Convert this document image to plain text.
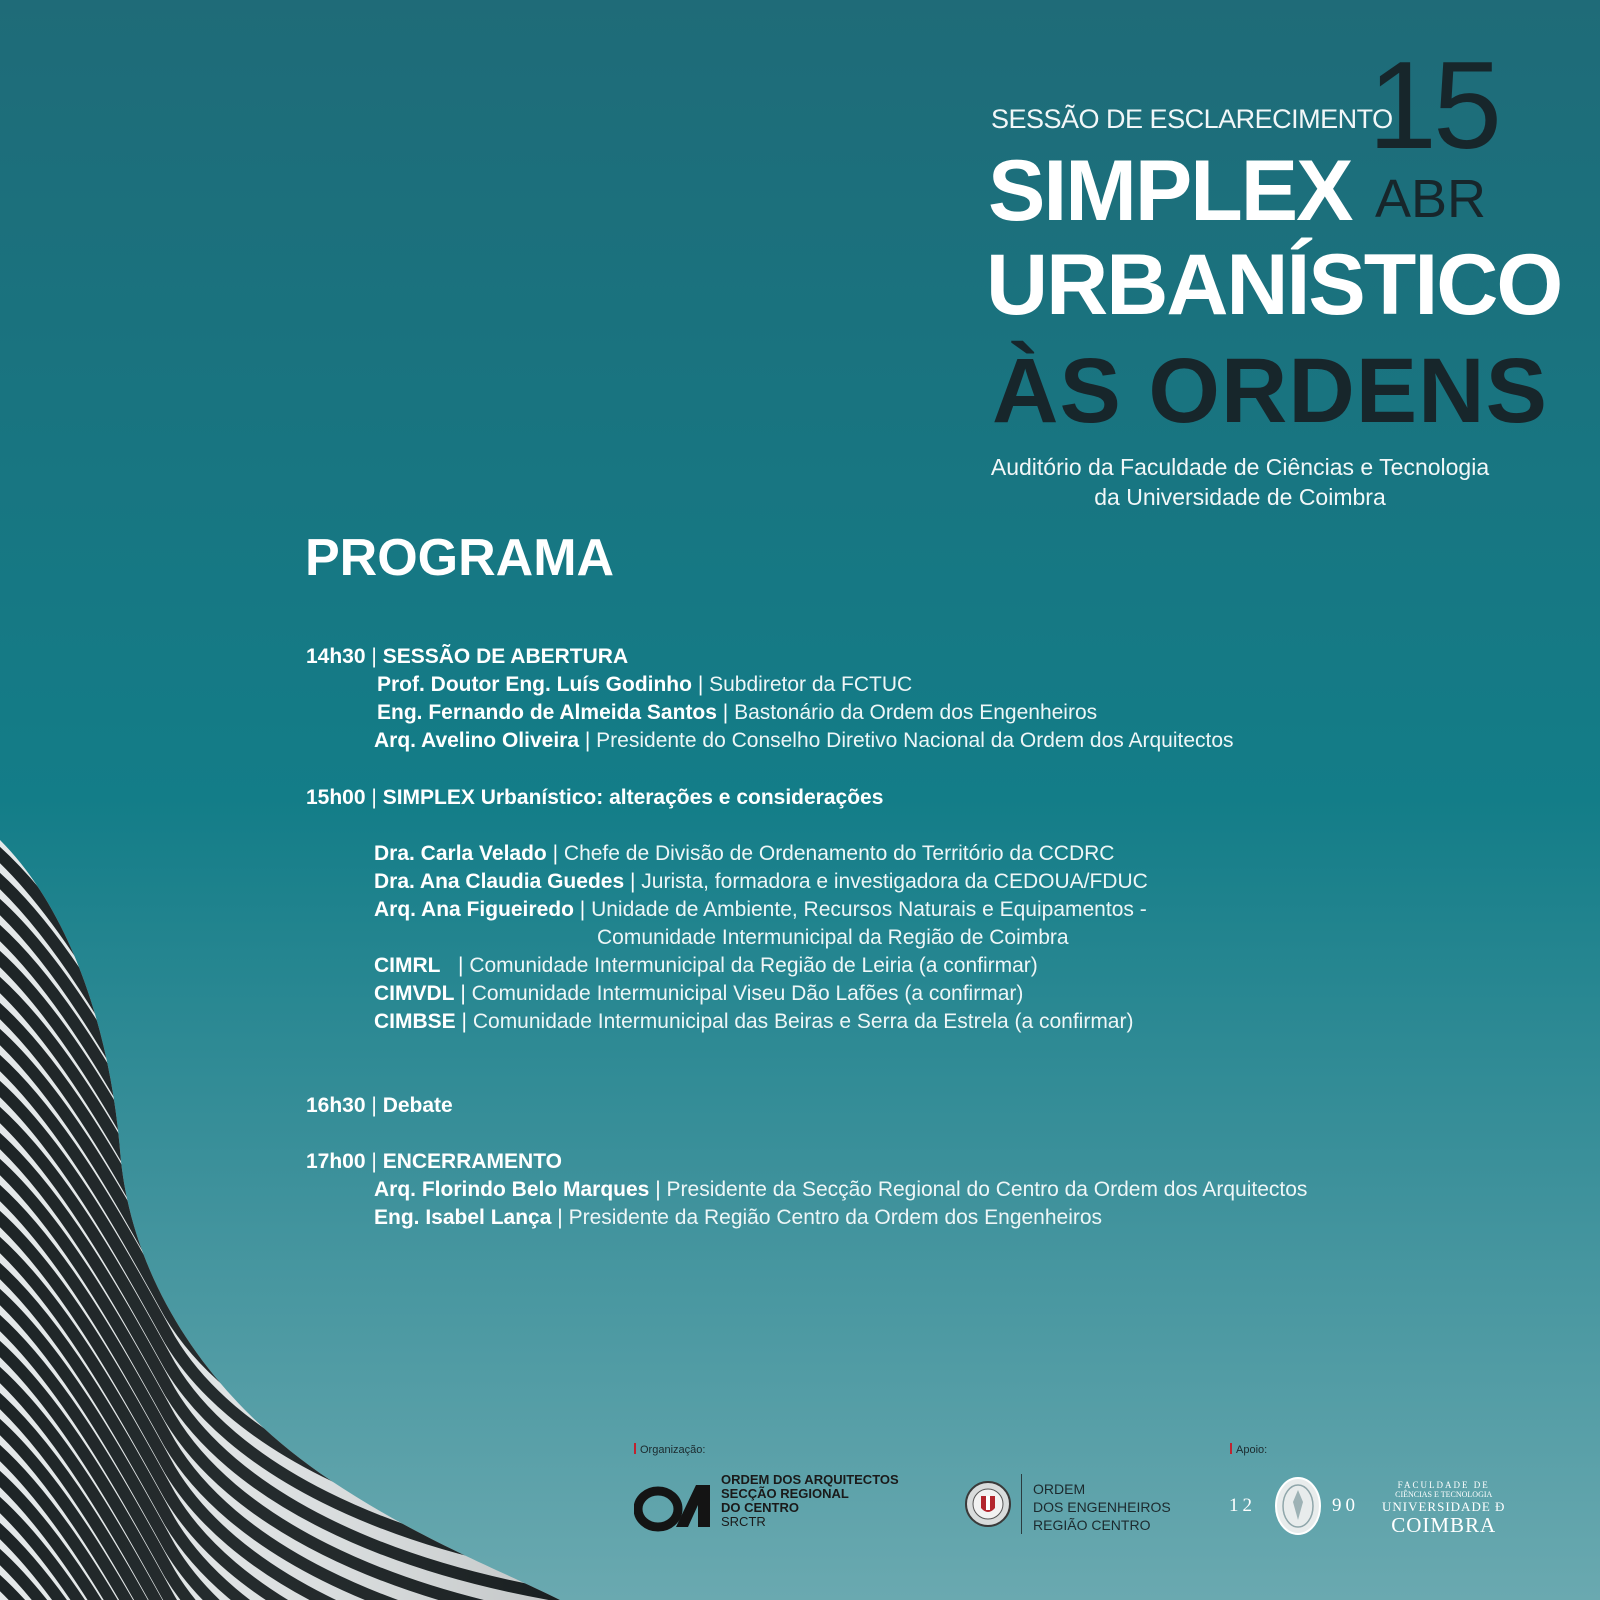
SESSÃO DE ESCLARECIMENTO
15
ABR
SIMPLEX
URBANÍSTICO
ÀS ORDENS
Auditório da Faculdade de Ciências e Tecnologia
da Universidade de Coimbra
PROGRAMA
14h30 | SESSÃO DE ABERTURA
Prof. Doutor Eng. Luís Godinho | Subdiretor da FCTUC
Eng. Fernando de Almeida Santos | Bastonário da Ordem dos Engenheiros
Arq. Avelino Oliveira | Presidente do Conselho Diretivo Nacional da Ordem dos Arquitectos
15h00 | SIMPLEX Urbanístico: alterações e considerações
Dra. Carla Velado | Chefe de Divisão de Ordenamento do Território da CCDRC
Dra. Ana Claudia Guedes | Jurista, formadora e investigadora da CEDOUA/FDUC
Arq. Ana Figueiredo | Unidade de Ambiente, Recursos Naturais e Equipamentos -
Comunidade Intermunicipal da Região de Coimbra
CIMRL | Comunidade Intermunicipal da Região de Leiria (a confirmar)
CIMVDL | Comunidade Intermunicipal Viseu Dão Lafões (a confirmar)
CIMBSE | Comunidade Intermunicipal das Beiras e Serra da Estrela (a confirmar)
16h30 | Debate
17h00 | ENCERRAMENTO
Arq. Florindo Belo Marques | Presidente da Secção Regional do Centro da Ordem dos Arquitectos
Eng. Isabel Lança | Presidente da Região Centro da Ordem dos Engenheiros
Organização:	Apoio:
ORDEM DOS ARQUITECTOS
SECÇÃO REGIONAL
DO CENTRO
SRCTR
ORDEM
DOS ENGENHEIROS
REGIÃO CENTRO
12	90
FACULDADE DE
CIÊNCIAS E TECNOLOGIA
UNIVERSIDADE Ð
COIMBRA
